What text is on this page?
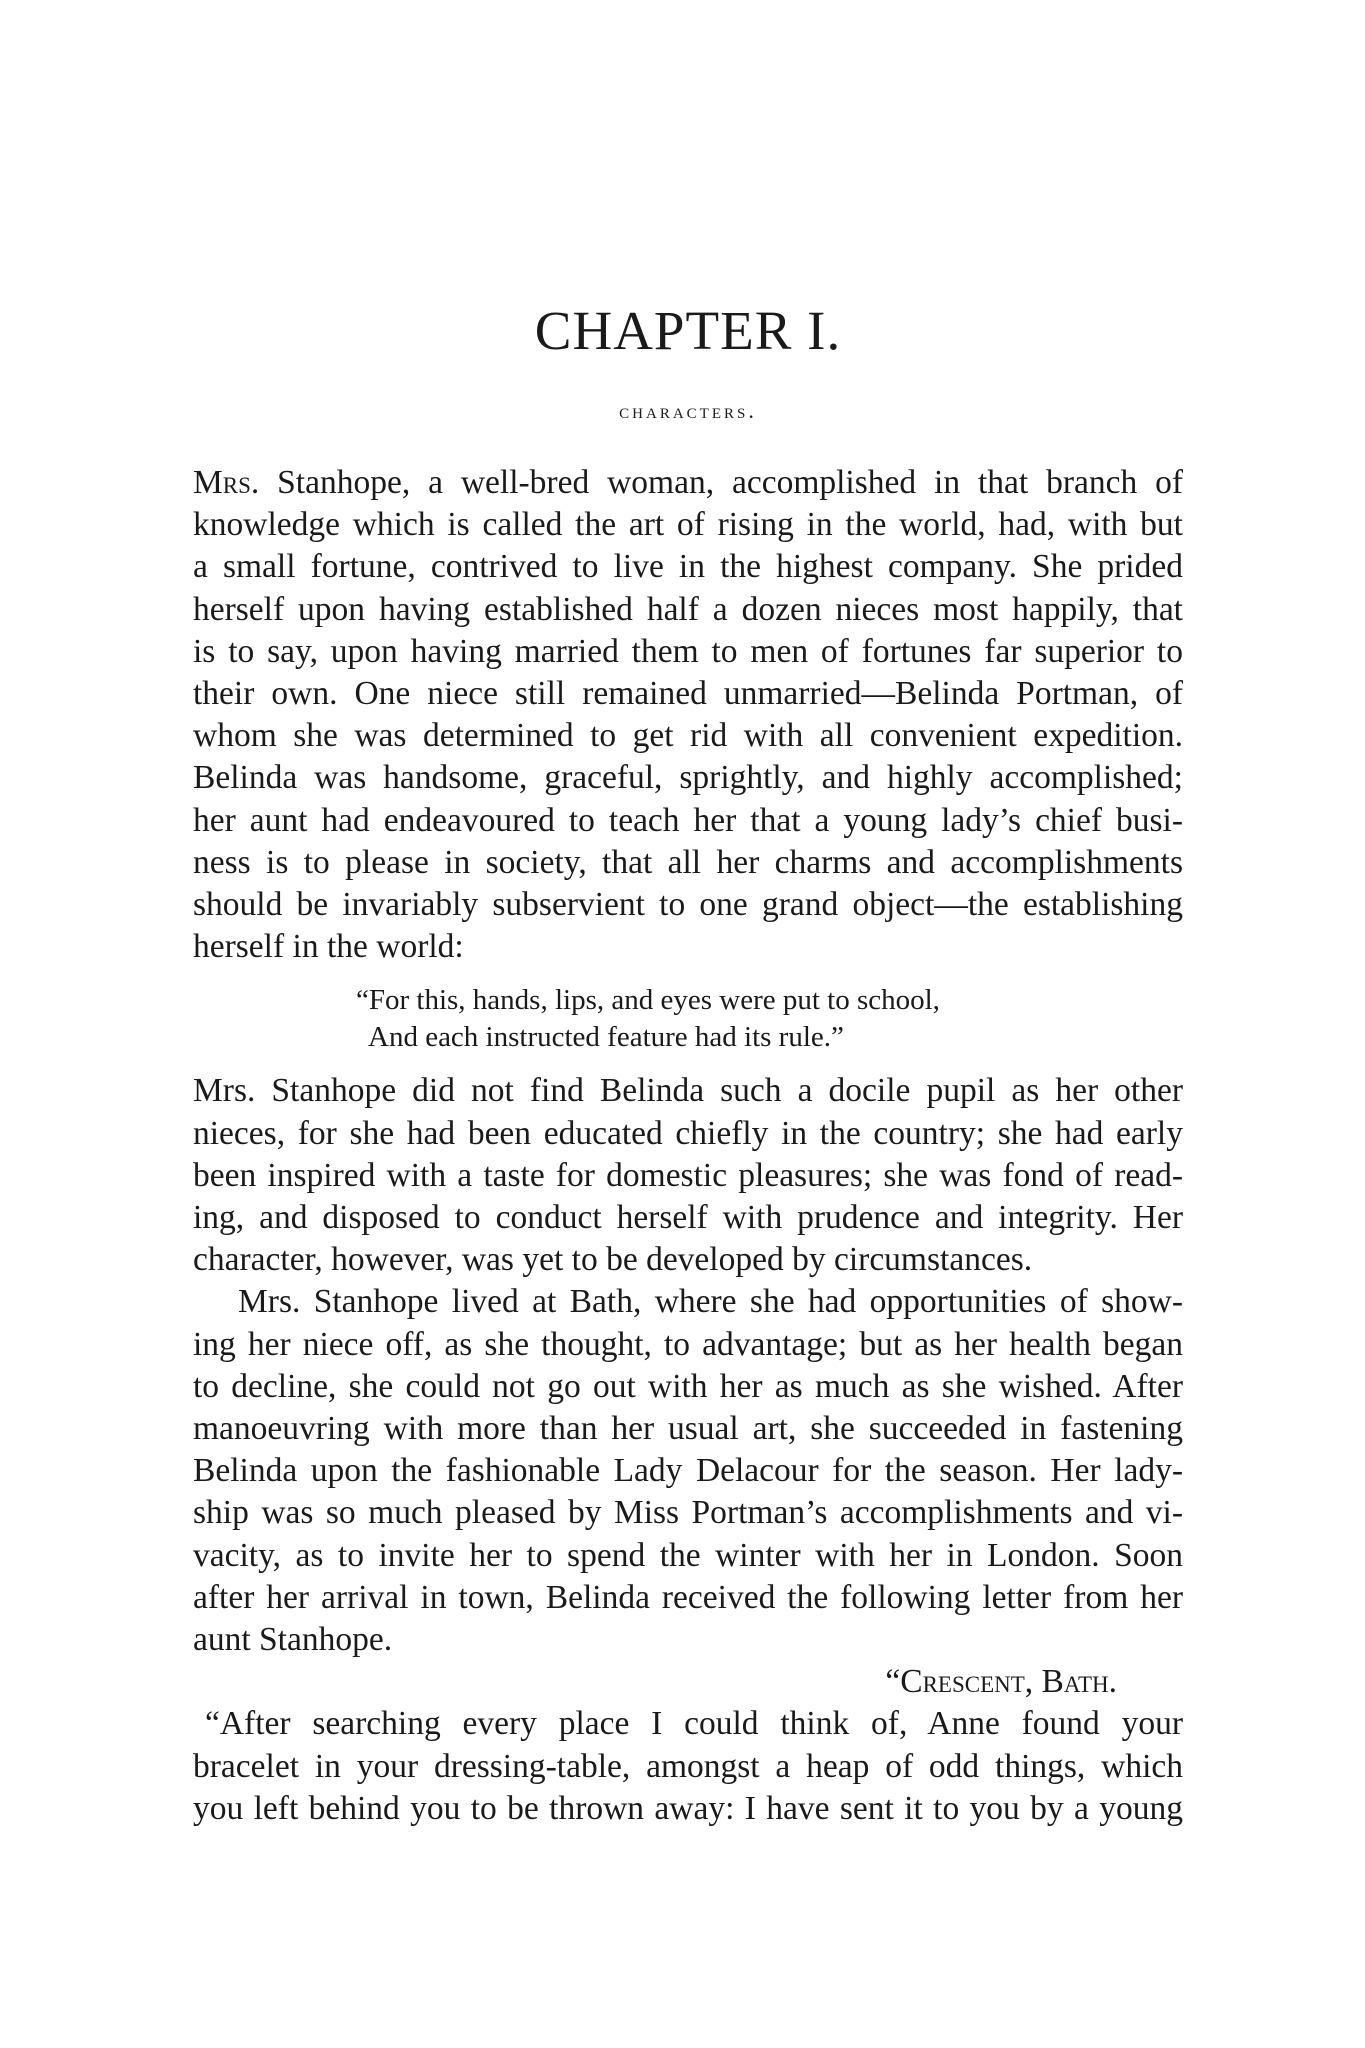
CHAPTER I.
characters.
Mrs. Stanhope, a well-bred woman, accomplished in that branch of
knowledge which is called the art of rising in the world, had, with but
a small fortune, contrived to live in the highest company. She prided
herself upon having established half a dozen nieces most happily, that
is to say, upon having married them to men of fortunes far superior to
their own. One niece still remained unmarried—Belinda Portman, of
whom she was determined to get rid with all convenient expedition.
Belinda was handsome, graceful, sprightly, and highly accomplished;
her aunt had endeavoured to teach her that a young lady’s chief busi-
ness is to please in society, that all her charms and accomplishments
should be invariably subservient to one grand object—the establishing
herself in the world:
“For this, hands, lips, and eyes were put to school,
And each instructed feature had its rule.”
Mrs. Stanhope did not find Belinda such a docile pupil as her other
nieces, for she had been educated chiefly in the country; she had early
been inspired with a taste for domestic pleasures; she was fond of read-
ing, and disposed to conduct herself with prudence and integrity. Her
character, however, was yet to be developed by circumstances.
Mrs. Stanhope lived at Bath, where she had opportunities of show-
ing her niece off, as she thought, to advantage; but as her health began
to decline, she could not go out with her as much as she wished. After
manoeuvring with more than her usual art, she succeeded in fastening
Belinda upon the fashionable Lady Delacour for the season. Her lady-
ship was so much pleased by Miss Portman’s accomplishments and vi-
vacity, as to invite her to spend the winter with her in London. Soon
after her arrival in town, Belinda received the following letter from her
aunt Stanhope.
“Crescent, Bath.
“After searching every place I could think of, Anne found your
bracelet in your dressing-table, amongst a heap of odd things, which
you left behind you to be thrown away: I have sent it to you by a young
